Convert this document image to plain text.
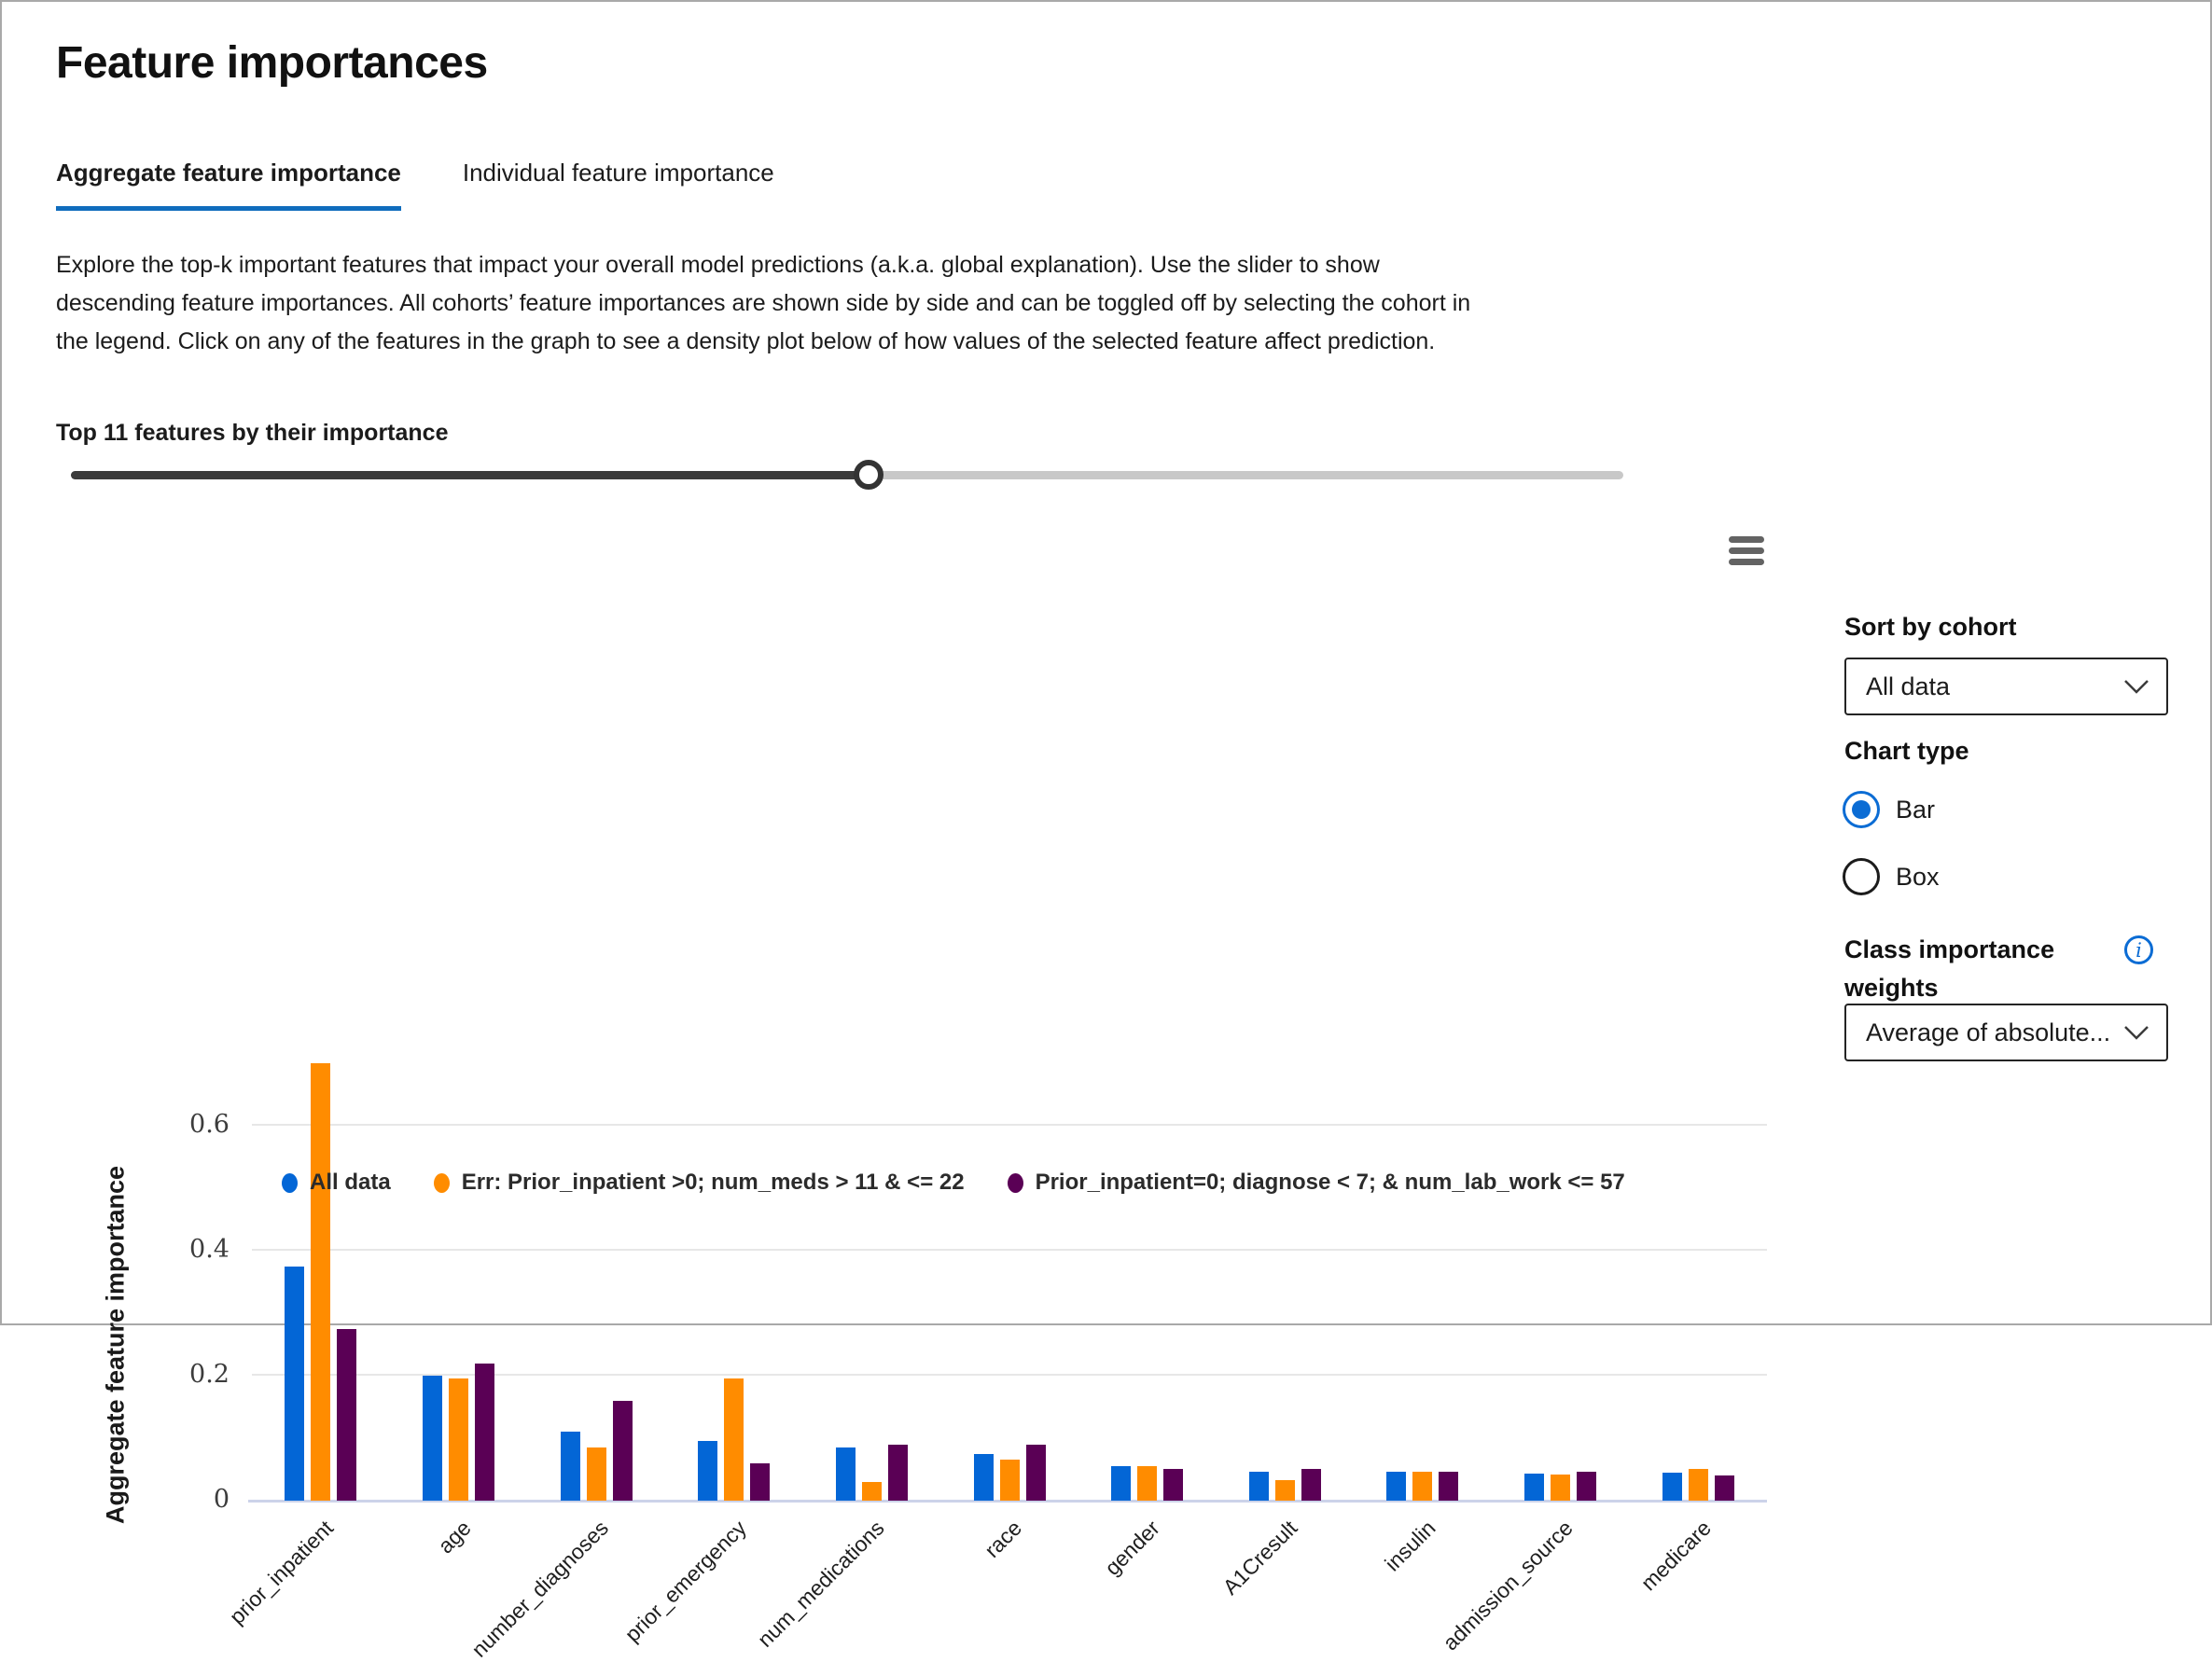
Feature importances
Aggregate feature importance	Individual feature importance

Explore the top-k important features that impact your overall model predictions (a.k.a. global explanation). Use the slider to show descending feature importances. All cohorts’ feature importances are shown side by side and can be toggled off by selecting the cohort in the legend. Click on any of the features in the graph to see a density plot below of how values of the selected feature affect prediction.

Top 11 features by their importance
Aggregate feature importance	0
0.2
0.4
0.6
prior_inpatient	age
number_diagnoses prior_emergency num_medications	race	gender	A1Cresult	insulin
admission_source	medicare
All data	Err: Prior_inpatient >0; num_meds > 11 & <= 22	Prior_inpatient=0; diagnose < 7; & num_lab_work <= 57
Sort by cohort
All data
Chart type
Bar
Box
Class importance weights
i
Average of absolute...
